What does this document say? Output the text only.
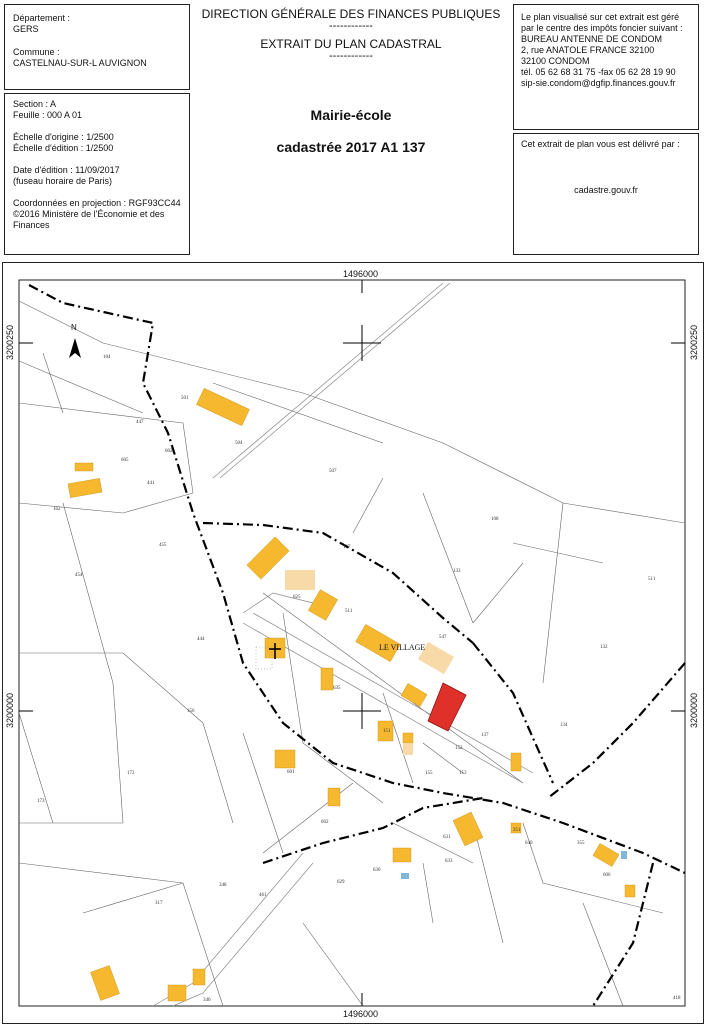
Département :
GERS
Commune :
CASTELNAU-SUR-L AUVIGNON
Section : A
Feuille : 000 A 01
Échelle d'origine : 1/2500
Échelle d'édition : 1/2500
Date d'édition : 11/09/2017
(fuseau horaire de Paris)
Coordonnées en projection : RGF93CC44
©2016 Ministère de l'Économie et des
Finances
DIRECTION GÉNÉRALE DES FINANCES PUBLIQUES
------------
EXTRAIT DU PLAN CADASTRAL
------------
Mairie-école
cadastrée 2017 A1 137
Le plan visualisé sur cet extrait est géré
par le centre des impôts foncier suivant :
BUREAU ANTENNE DE CONDOM
2, rue ANATOLE FRANCE 32100
32100 CONDOM
tél. 05 62 68 31 75 -fax 05 62 28 19 90
sip-sie.condom@dgfip.finances.gouv.fr
Cet extrait de plan vous est délivré par :
cadastre.gouv.fr
1496000
1496000
3200250	3200250
3200000	3200000
LE VILLAGE
N
104
501
504
447
605
602
441
162
455
454
444
156
172
173
507
127
108
133
511
132
134
625
511
547
137
155	153
151
152
601
602
629
630
631
633
635
606
355
351
640
348
317
461
340	418
